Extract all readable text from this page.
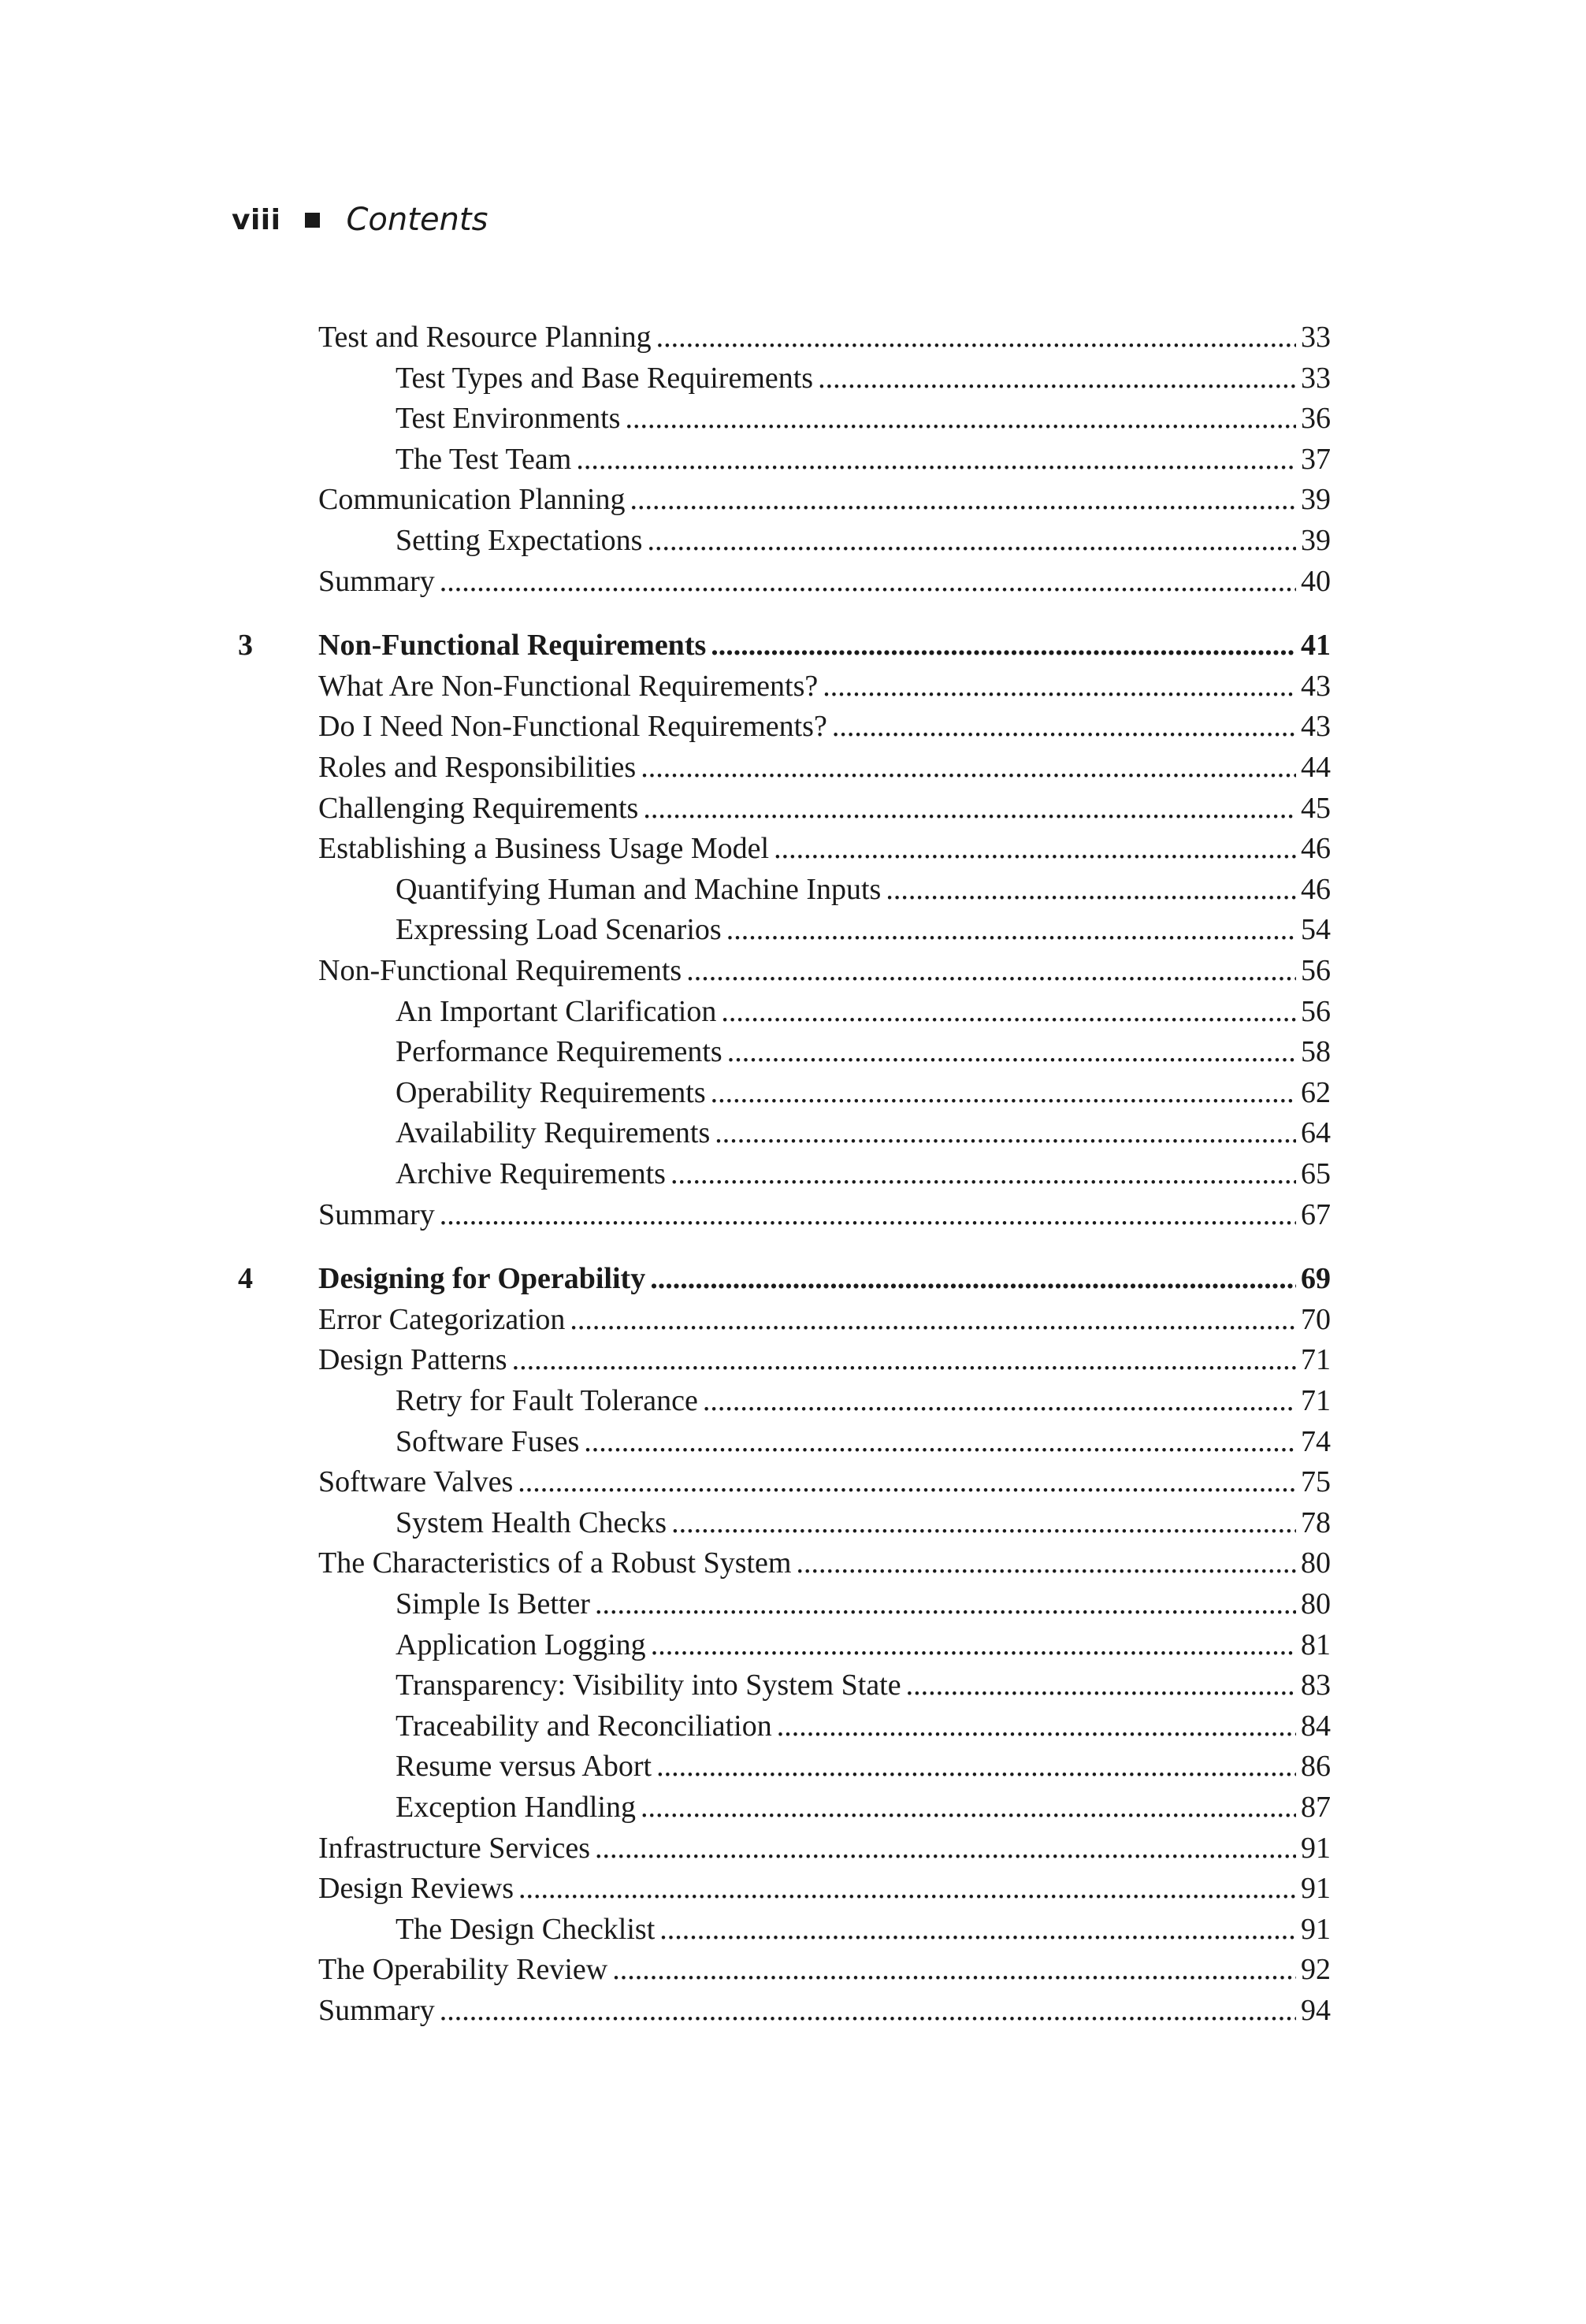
viii Contents
Test and Resource Planning .....	33
Test Types and Base Requirements .....	33
Test Environments .....	36
The Test Team .....	37
Communication Planning .....	39
Setting Expectations .....	39
Summary .....	40
3	Non-Functional Requirements .....	41
What Are Non-Functional Requirements? .....	43
Do I Need Non-Functional Requirements? .....	43
Roles and Responsibilities .....	44
Challenging Requirements .....	45
Establishing a Business Usage Model .....	46
Quantifying Human and Machine Inputs .....	46
Expressing Load Scenarios .....	54
Non-Functional Requirements .....	56
An Important Clarification .....	56
Performance Requirements .....	58
Operability Requirements .....	62
Availability Requirements .....	64
Archive Requirements .....	65
Summary .....	67
4	Designing for Operability .....	69
Error Categorization .....	70
Design Patterns .....	71
Retry for Fault Tolerance .....	71
Software Fuses .....	74
Software Valves .....	75
System Health Checks .....	78
The Characteristics of a Robust System .....	80
Simple Is Better .....	80
Application Logging .....	81
Transparency: Visibility into System State .....	83
Traceability and Reconciliation .....	84
Resume versus Abort .....	86
Exception Handling .....	87
Infrastructure Services .....	91
Design Reviews .....	91
The Design Checklist .....	91
The Operability Review .....	92
Summary .....	94
